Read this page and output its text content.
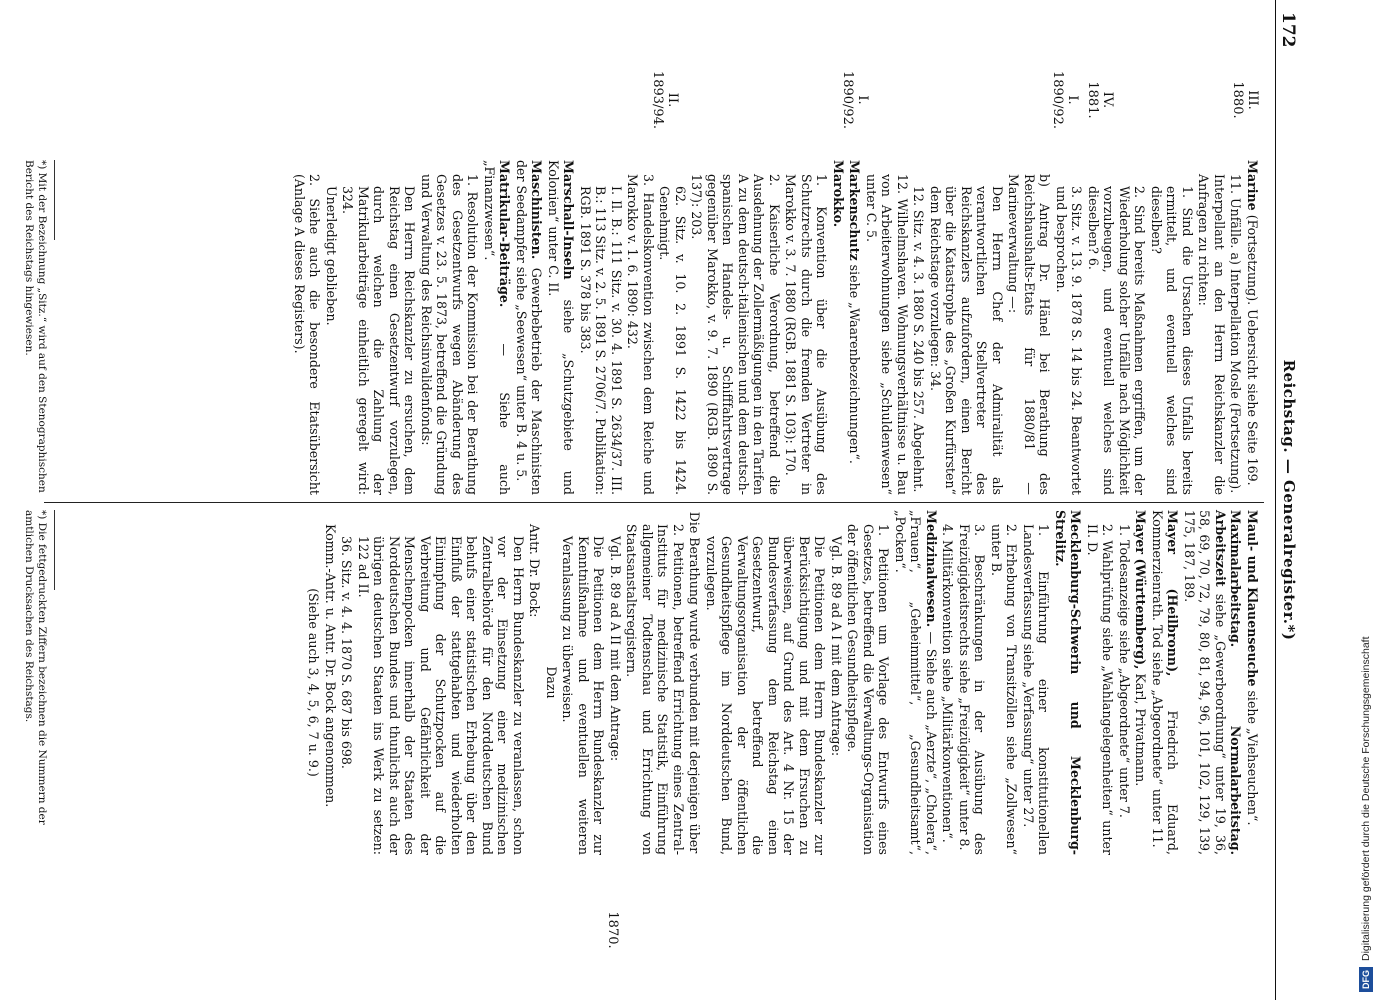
172
Reichstag. — Generalregister.*)
III.
1880.
IV.
1881.
I.
1890/92.
I.
1890/92.
II.
1893/94.
1870.
Marine (Fortsetzung). Uebersicht siehe Seite 169.
11. Unfälle. a) Interpellation Mosle (Fortsetzung).
Interpellant an den Herrn Reichskanzler die Anfragen zu richten:
1. Sind die Ursachen dieses Unfalls bereits ermittelt, und eventuell welches sind dieselben?
2. Sind bereits Maßnahmen ergriffen, um der Wiederholung solcher Unfälle nach Möglichkeit vorzubeugen, und eventuell welches sind dieselben? 6.
3. Sitz. v. 13. 9. 1878 S. 14 bis 24. Beantwortet und besprochen.
b) Antrag Dr. Hänel bei Berathung des Reichshaushalts-Etats für 1880/81 — Marineverwaltung —:
Den Herrn Chef der Admiralität als verantwortlichen Stellvertreter des Reichskanzlers aufzufordern, einen Bericht über die Katastrophe des „Großen Kurfürsten“ dem Reichstage vorzulegen: 34.
12. Sitz. v. 4. 3. 1880 S. 240 bis 257. Abgelehnt.
12. Wilhelmshaven. Wohnungsverhältnisse u. Bau von Arbeiterwohnungen siehe „Schuldenwesen“ unter C. 5.
Markenschutz siehe „Waarenbezeichnungen“.
Marokko.
1. Konvention über die Ausübung des Schutzrechts durch die fremden Vertreter in Marokko v. 3. 7. 1880 (RGB. 1881 S. 103): 170.
2. Kaiserliche Verordnung, betreffend die Ausdehnung der Zollermäßigungen in den Tarifen A zu dem deutsch-italienischen und dem deutsch-spanischen Handels- u. Schifffahrtsvertrage gegenüber Marokko, v. 9. 7. 1890 (RGB. 1890 S. 137): 203.
62. Sitz. v. 10. 2. 1891 S. 1422 bis 1424. Genehmigt.
3. Handelskonvention zwischen dem Reiche und Marokko v. 1. 6. 1890: 432.
I. Il. B.: 111 Sitz. v. 30. 4. 1891 S. 2634/37. III. B.: 113 Sitz. v. 2. 5. 1891 S. 2706/7. Publikation: RGB. 1891 S. 378 bis 383.
Marschall-Inseln siehe „Schutzgebiete und Kolonien“ unter C. II.
Maschinisten. Gewerbebetrieb der Maschinisten der Seedampfer siehe „Seewesen“ unter B. 4 u. 5.
Matrikular-Beiträge. — Siehe auch „Finanzwesen“.
1. Resolution der Kommission bei der Berathung des Gesetzentwurfs wegen Abänderung des Gesetzes v. 23. 5. 1873, betreffend die Gründung und Verwaltung des Reichsinvalidenfonds:
Den Herrn Reichskanzler zu ersuchen, dem Reichstag einen Gesetzentwurf vorzulegen, durch welchen die Zahlung der Matrikularbeiträge einheitlich geregelt wird: 324.
Unerledigt geblieben.
2. Siehe auch die besondere Etatsübersicht (Anlage A dieses Registers).
Maul- und Klauenseuche siehe „Viehseuchen“.
Maximalarbeitstag. Normalarbeitstag. Arbeitszeit siehe „Gewerbeordnung“ unter 19, 36, 58, 69, 70, 72, 79, 80, 81, 94, 96, 101, 102, 129, 139, 175, 187, 189.
Mayer (Heilbronn), Friedrich Eduard, Kommerzienrath. Tod siehe „Abgeordnete“ unter 11.
Mayer (Württemberg), Karl, Privatmann.
1. Todesanzeige siehe „Abgeordnete“ unter 7.
2. Wahlprüfung siehe „Wahlangelegenheiten“ unter II. D.
Mecklenburg-Schwerin und Mecklenburg-Strelitz.
1. Einführung einer konstitutionellen Landesverfassung siehe „Verfassung“ unter 27.
2. Erhebung von Transitzöllen siehe „Zollwesen“ unter B.
3. Beschränkungen in der Ausübung des Freizügigkeitsrechts siehe „Freizügigkeit“ unter 8.
4. Militärkonvention siehe „Militärkonventionen“.
Medizinalwesen. — Siehe auch „Aerzte“, „Cholera“, „Frauen“, „Geheimmittel“, „Gesundheitsamt“, „Pocken“.
1. Petitionen um Vorlage des Entwurfs eines Gesetzes, betreffend die Verwaltungs-Organisation der öffentlichen Gesundheitspflege.
Vgl. B. 89 ad A I mit dem Antrage:
Die Petitionen dem Herrn Bundeskanzler zur Berücksichtigung und mit dem Ersuchen zu überweisen, auf Grund des Art. 4 Nr. 15 der Bundesverfassung dem Reichstag einen Gesetzentwurf, betreffend die Verwaltungsorganisation der öffentlichen Gesundheitspflege im Norddeutschen Bund, vorzulegen.
Die Berathung wurde verbunden mit derjenigen über
2. Petitionen, betreffend Errichtung eines Zentral-Instituts für medizinische Statistik, Einführung allgemeiner Todtenschau und Errichtung von Staatsanstaltsregistern.
Vgl. B. 89 ad A II mit dem Antrage:
Die Petitionen dem Herrn Bundeskanzler zur Kenntnißnahme und eventuellen weiteren Veranlassung zu überweisen.
Dazu
Antr. Dr. Bock:
Den Herrn Bundeskanzler zu veranlassen, schon vor der Einsetzung einer medizinischen Zentralbehörde für den Norddeutschen Bund behufs einer statistischen Erhebung über den Einfluß der stattgehabten und wiederholten Einimpfung der Schutzpocken auf die Verbreitung und Gefährlichkeit der Menschenpocken innerhalb der Staaten des Norddeutschen Bundes und thunlichst auch der übrigen deutschen Staaten ins Werk zu setzen: 122 ad II.
36. Sitz. v. 4. 4. 1870 S. 687 bis 698.
Komm.-Antr. u. Antr. Dr. Bock angenommen.
(Siehe auch 3, 4, 5, 6, 7 u. 9.)
*) Mit der Bezeichnung „Sitz.“ wird auf den Stenographischen Bericht des Reichstags hingewiesen.
*) Die fettgedruckten Ziffern bezeichnen die Nummern der amtlichen Drucksachen des Reichstags.
DFGDigitalisierung gefördert durch die Deutsche Forschungsgemeinschaft
